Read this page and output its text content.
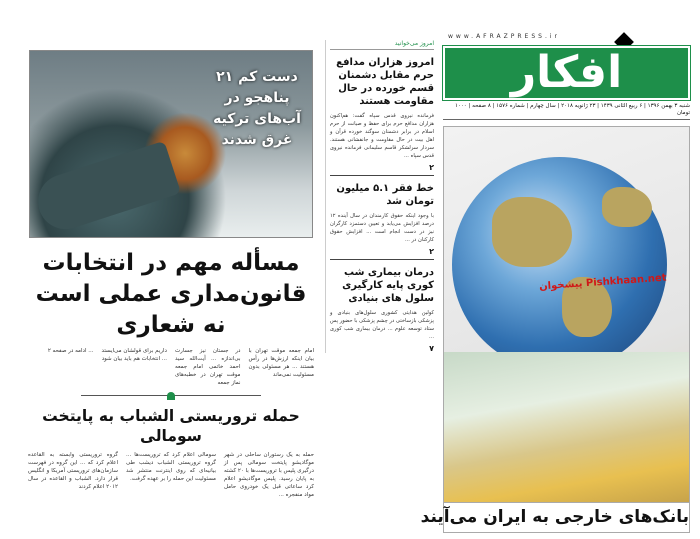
www.AFRAZPRESS.ir
افکار
شنبه ۳ بهمن ۱۳۹۶ | ۶ ربیع الثانی ۱۴۳۹ | ۲۳ ژانویه ۲۰۱۸ | سال چهارم | شماره ۱۵۷۶ | ۸ صفحه | ۱۰۰۰ تومان
پیشخوان Pishkhaan.net
بانک‌های خارجی به ایران می‌آیند
امروز می‌خوانید
امروز هزاران مدافع حرم مقابل دشمنان قسم خورده در حال مقاومت هستند

فرمانده نیروی قدس سپاه گفت: هم‌اکنون هزاران مدافع حرم برای حفظ و صیانت از حرم اسلام در برابر دشمنان سوگند خورده قرآن و اهل بیت در حال مقاومت و جانفشانی هستند. سردار سرلشکر قاسم سلیمانی فرمانده نیروی قدس سپاه ...

۲
خط فقر ۵.۱ میلیون تومان شد

با وجود اینکه حقوق کارمندان در سال آینده ۱۲ درصد افزایش می‌یابد و تعیین دستمزد کارگران نیز در دست انجام است ... افزایش حقوق کارکنان در ...

۲
درمان بیماری شب کوری پایه کارگیری سلول های بنیادی

کولین هدایتی کشوری سلول‌های بنیادی و پزشکی بازساختی در چشم پزشکی با حضور پس ستاد توسعه علوم ... درمان بیماری شب کوری ...

۷
دست کم ۲۱ پناهجو در آب‌های ترکیه غرق شدند
مسأله مهم در انتخابات قانون‌مداری عملی است نه شعاری

امام جمعه موقت تهران با بیان اینکه ارزش‌ها در رأس هستند ... هر مسئولی بدون مسئولیت نمی‌ماند

در جستان نیز جسارت بی‌اندازه ... آیت‌الله سید احمد خاتمی امام جمعه موقت تهران در خطبه‌های نماز جمعه

داریم برای قولشان می‌ایستد ... انتخابات هم باید بیان شود

... ادامه در صفحه ۲

حمله تروریستی الشباب به پایتخت سومالی

حمله به یک رستوران ساحلی در شهر موگادیشو پایتخت سومالی پس از درگیری پلیس با تروریست‌ها با ۲۰ کشته به پایان رسید. پلیس موگادیشو اعلام کرد ساعاتی قبل یک خودروی حامل مواد منفجره ...

سومالی اعلام کرد که تروریست‌ها ... گروه تروریستی الشباب دیشب طی بیانیه‌ای که روی اینترنت منتشر شد مسئولیت این حمله را بر عهده گرفت.

گروه تروریستی وابسته به القاعده اعلام کرد که ... این گروه در فهرست سازمان‌های تروریستی آمریکا و انگلیس قرار دارد. الشباب و القاعده در سال ۲۰۱۲ اعلام کردند
